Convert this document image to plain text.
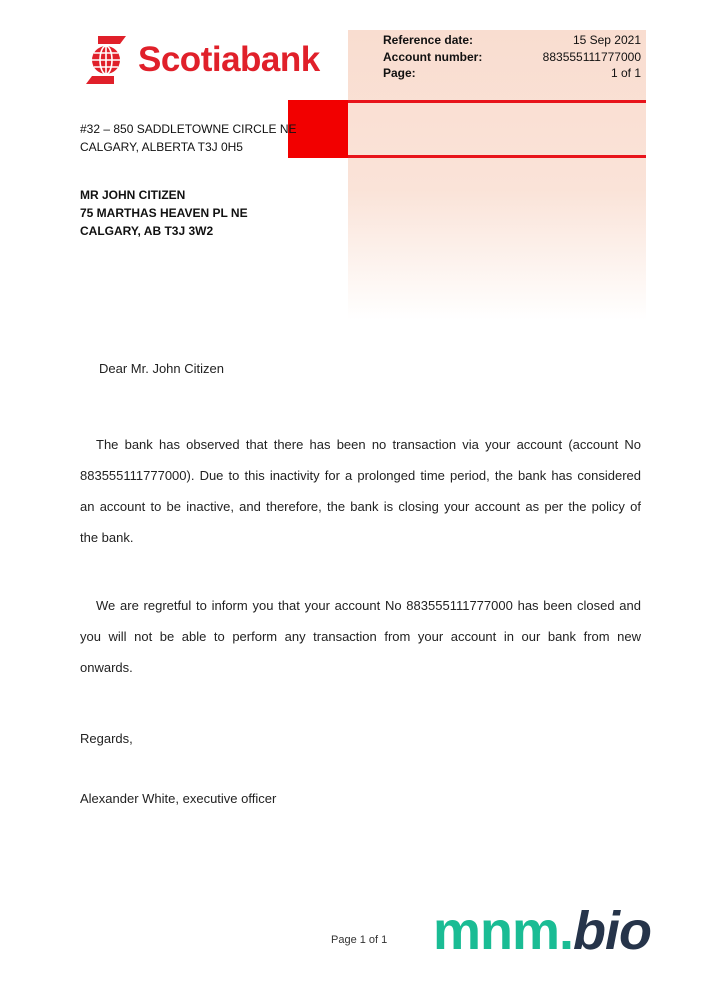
Scotiabank	Reference date:	15 Sep 2021
Account number:	883555111777000
Page:	1 of 1
#32 – 850 SADDLETOWNE CIRCLE NE
CALGARY, ALBERTA T3J 0H5
MR JOHN CITIZEN
75 MARTHAS HEAVEN PL NE
CALGARY, AB T3J 3W2
Dear Mr. John Citizen
The bank has observed that there has been no transaction via your account (account No
883555111777000). Due to this inactivity for a prolonged time period, the bank has considered
an account to be inactive, and therefore, the bank is closing your account as per the policy of
the bank.
We are regretful to inform you that your account No 883555111777000 has been closed and
you will not be able to perform any transaction from your account in our bank from new
onwards.
Regards,
Alexander White, executive officer
Page 1 of 1 mnm.bio
